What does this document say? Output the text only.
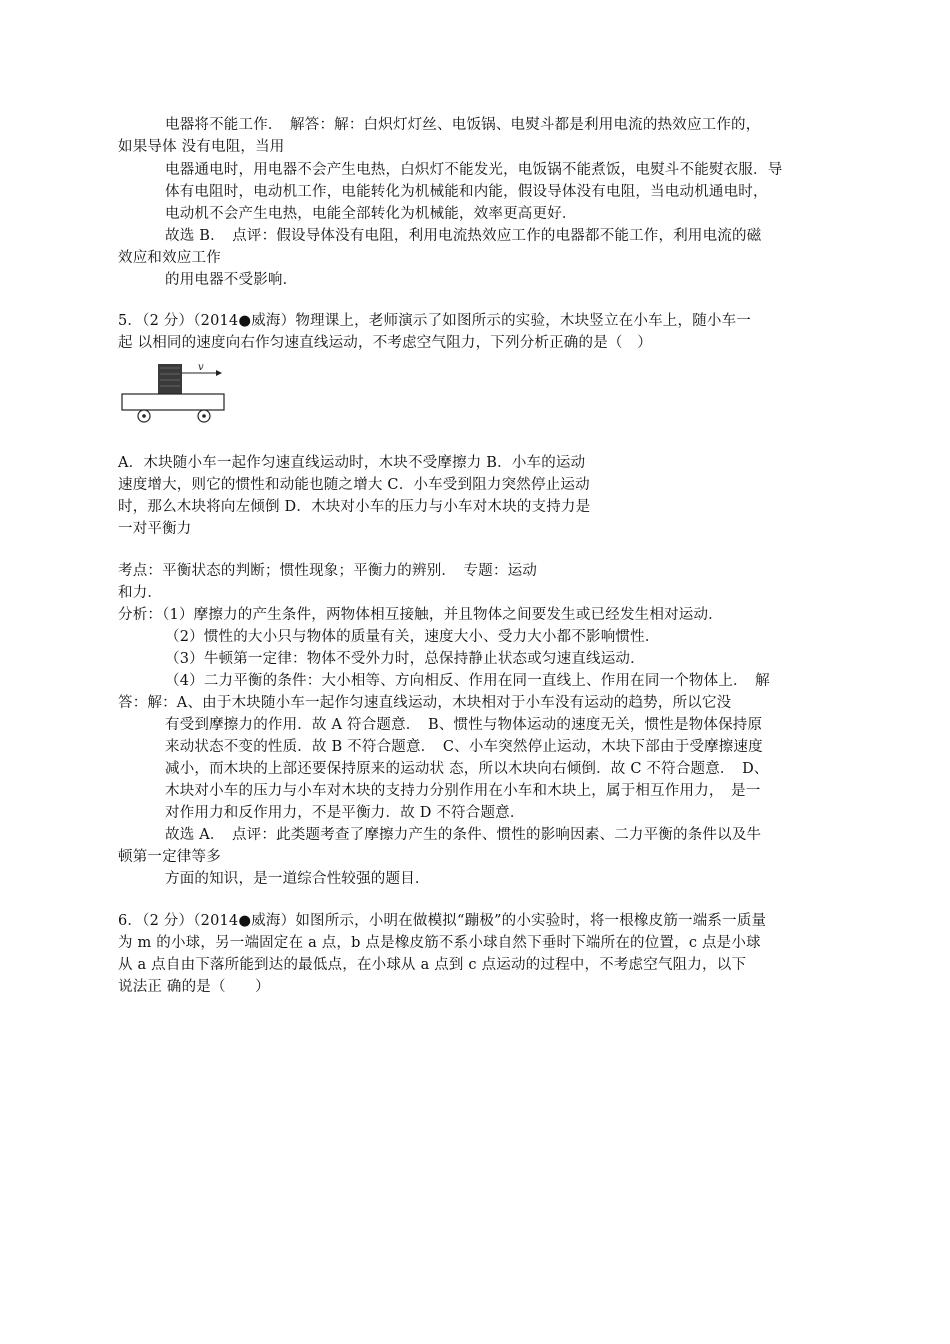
电器将不能工作．　解答：解：白炽灯灯丝、电饭锅、电熨斗都是利用电流的热效应工作的，
如果导体 没有电阻，当用
电器通电时，用电器不会产生电热，白炽灯不能发光，电饭锅不能煮饭，电熨斗不能熨衣服．导
体有电阻时，电动机工作，电能转化为机械能和内能，假设导体没有电阻，当电动机通电时，
电动机不会产生电热，电能全部转化为机械能，效率更高更好．
故选 B．　点评：假设导体没有电阻，利用电流热效应工作的电器都不能工作，利用电流的磁
效应和效应工作
的用电器不受影响．
5．（2 分）（2014●威海）物理课上，老师演示了如图所示的实验，木块竖立在小车上，随小车一
起 以相同的速度向右作匀速直线运动，不考虑空气阻力，下列分析正确的是（　）
v
A．木块随小车一起作匀速直线运动时，木块不受摩擦力 B．小车的运动
速度增大，则它的惯性和动能也随之增大 C．小车受到阻力突然停止运动
时，那么木块将向左倾倒 D．木块对小车的压力与小车对木块的支持力是
一对平衡力
考点：平衡状态的判断；惯性现象；平衡力的辨别．　专题：运动
和力．
分析：（1）摩擦力的产生条件，两物体相互接触，并且物体之间要发生或已经发生相对运动．
（2）惯性的大小只与物体的质量有关，速度大小、受力大小都不影响惯性．
（3）牛顿第一定律：物体不受外力时，总保持静止状态或匀速直线运动．
（4）二力平衡的条件：大小相等、方向相反、作用在同一直线上、作用在同一个物体上．　解
答：解：A、由于木块随小车一起作匀速直线运动，木块相对于小车没有运动的趋势，所以它没
有受到摩擦力的作用．故 A 符合题意．　B、惯性与物体运动的速度无关，惯性是物体保持原
来动状态不变的性质．故 B 不符合题意．　C、小车突然停止运动，木块下部由于受摩擦速度
减小，而木块的上部还要保持原来的运动状 态，所以木块向右倾倒．故 C 不符合题意．　D、
木块对小车的压力与小车对木块的支持力分别作用在小车和木块上，属于相互作用力，　是一
对作用力和反作用力，不是平衡力．故 D 不符合题意．
故选 A．　点评：此类题考查了摩擦力产生的条件、惯性的影响因素、二力平衡的条件以及牛
顿第一定律等多
方面的知识，是一道综合性较强的题目．
6．（2 分）（2014●威海）如图所示，小明在做模拟“蹦极”的小实验时，将一根橡皮筋一端系一质量
为 m 的小球，另一端固定在 a 点，b 点是橡皮筋不系小球自然下垂时下端所在的位置，c 点是小球
从 a 点自由下落所能到达的最低点，在小球从 a 点到 c 点运动的过程中，不考虑空气阻力，以下
说法正 确的是（　　）
